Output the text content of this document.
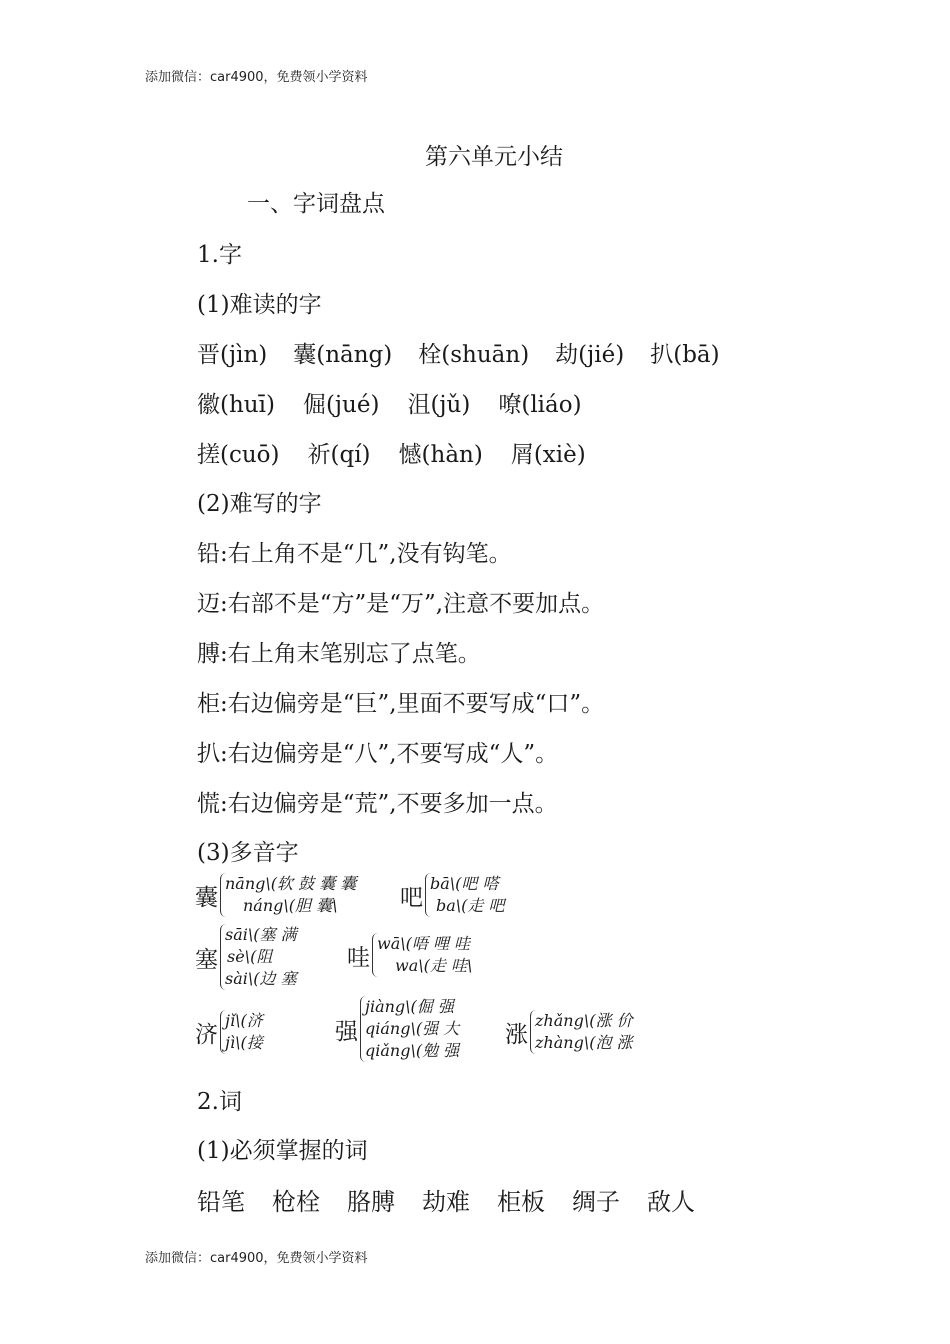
添加微信：car4900，免费领小学资料
第六单元小结
一、字词盘点
1.字
(1)难读的字
晋(jìn) 囊(nāng) 栓(shuān) 劫(jié) 扒(bā)
徽(huī) 倔(jué) 沮(jǔ) 嘹(liáo)
搓(cuō) 祈(qí) 憾(hàn) 屑(xiè)
(2)难写的字
铅:右上角不是“几”,没有钩笔。
迈:右部不是“方”是“万”,注意不要加点。
膊:右上角末笔别忘了点笔。
柜:右边偏旁是“巨”,里面不要写成“口”。
扒:右边偏旁是“八”,不要写成“人”。
慌:右边偏旁是“荒”,不要多加一点。
(3)多音字
囊
nāng\(软 鼓 囊 囊
náng\(胆 囊\	吧
bā\(吧 嗒
ba\(走 吧
塞
sāi\(塞 满
sè\(阻
sài\(边 塞
哇
wā\(唔 哩 哇
wa\(走 哇\
济
jǐ\(济
jì\(接	强
jiàng\(倔 强
qiáng\(强 大
qiǎng\(勉 强
涨
zhǎng\(涨 价
zhàng\(泡 涨
2.词
(1)必须掌握的词
铅笔 枪栓 胳膊 劫难 柜板 绸子 敌人
添加微信：car4900，免费领小学资料
